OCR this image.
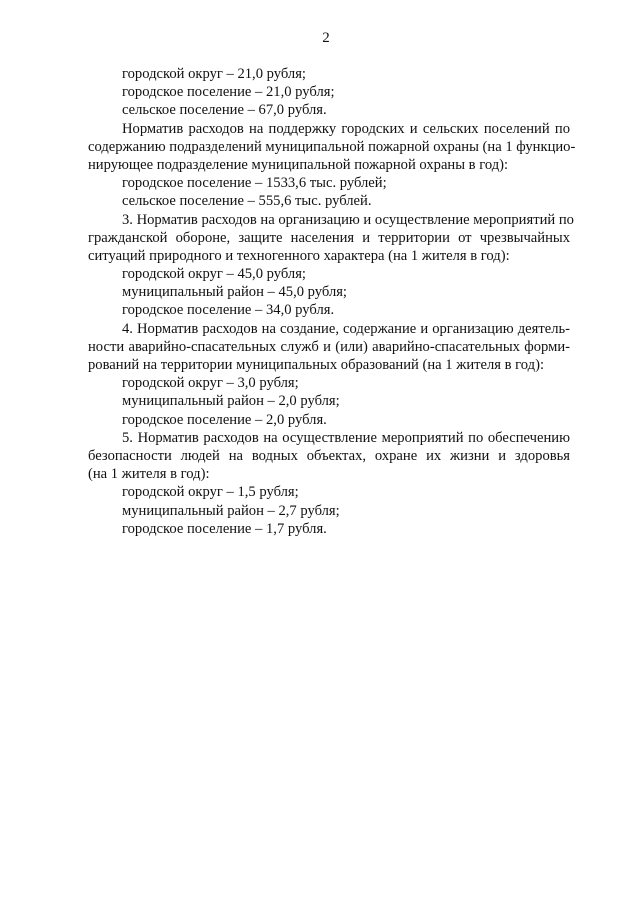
2
городской округ – 21,0 рубля;
городское поселение – 21,0 рубля;
сельское поселение – 67,0 рубля.
Норматив расходов на поддержку городских и сельских поселений по
содержанию подразделений муниципальной пожарной охраны (на 1 функцио-
нирующее подразделение муниципальной пожарной охраны в год):
городское поселение – 1533,6 тыс. рублей;
сельское поселение – 555,6 тыс. рублей.
3. Норматив расходов на организацию и осуществление мероприятий по
гражданской обороне, защите населения и территории от чрезвычайных
ситуаций природного и техногенного характера (на 1 жителя в год):
городской округ – 45,0 рубля;
муниципальный район – 45,0 рубля;
городское поселение – 34,0 рубля.
4. Норматив расходов на создание, содержание и организацию деятель-
ности аварийно-спасательных служб и (или) аварийно-спасательных форми-
рований на территории муниципальных образований (на 1 жителя в год):
городской округ – 3,0 рубля;
муниципальный район – 2,0 рубля;
городское поселение – 2,0 рубля.
5. Норматив расходов на осуществление мероприятий по обеспечению
безопасности людей на водных объектах, охране их жизни и здоровья
(на 1 жителя в год):
городской округ – 1,5 рубля;
муниципальный район – 2,7 рубля;
городское поселение – 1,7 рубля.
